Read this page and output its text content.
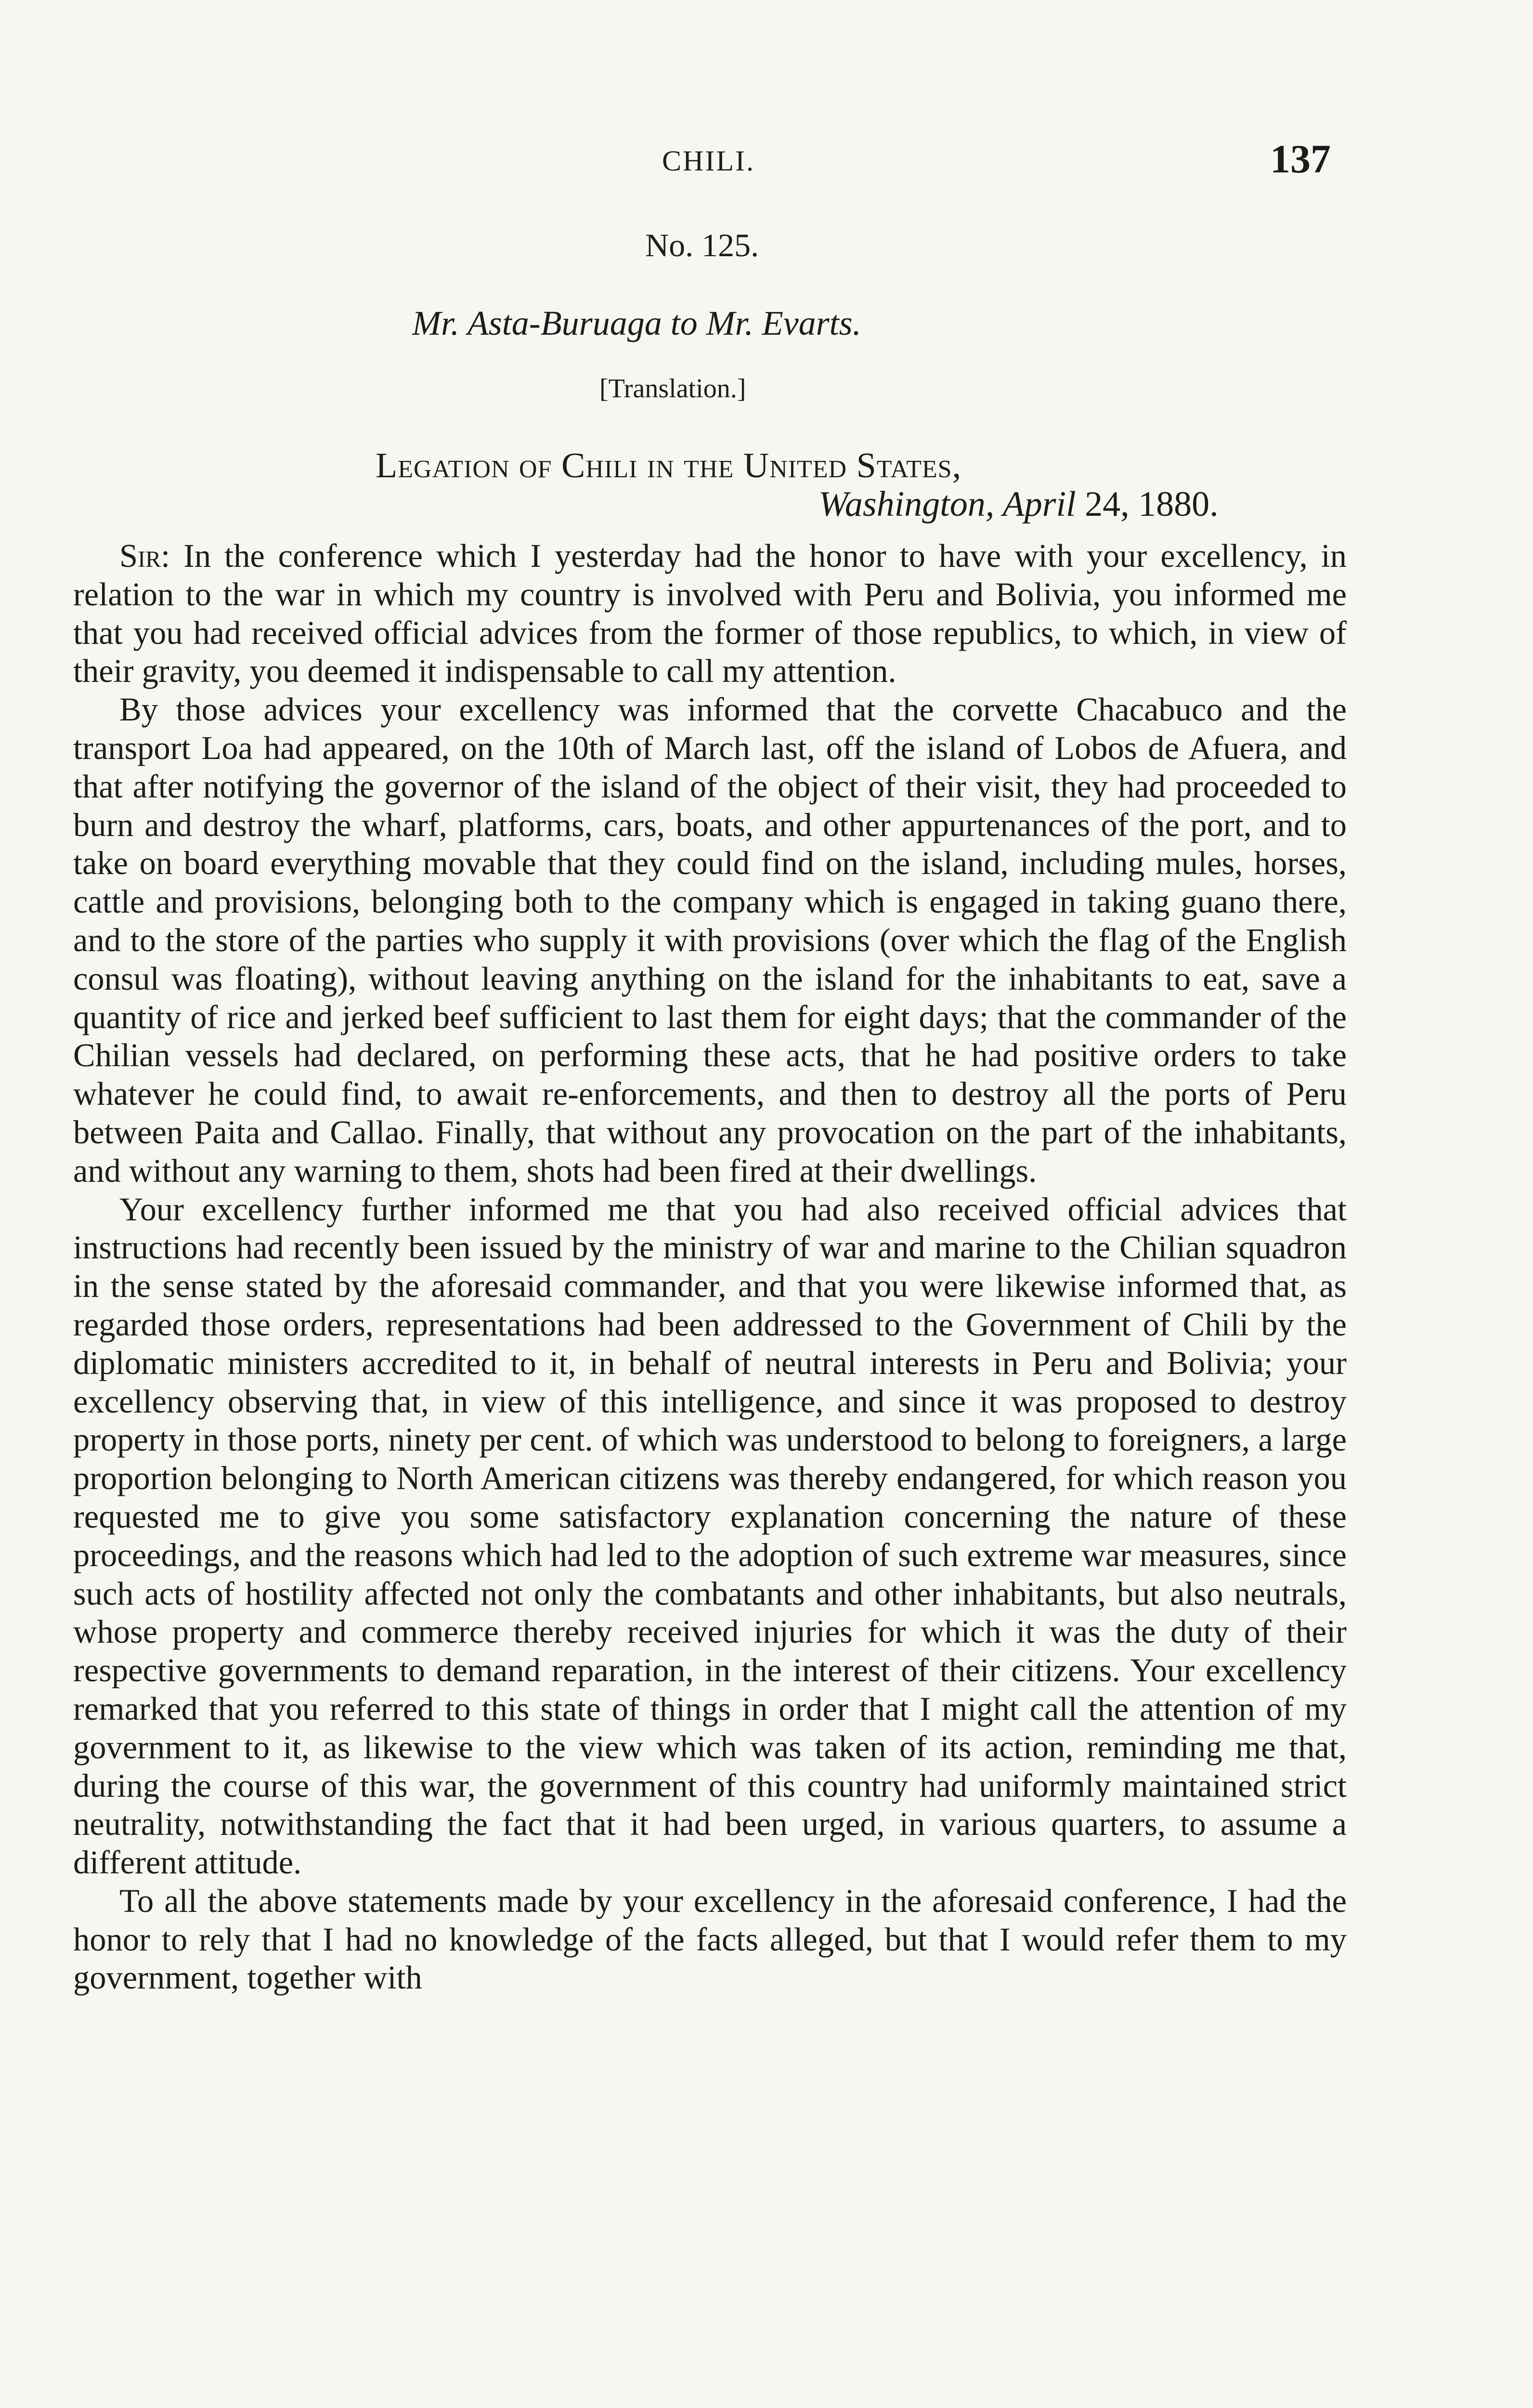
CHILI.	137
No. 125.
Mr. Asta-Buruaga to Mr. Evarts.
[Translation.]
Legation of Chili in the United States,
Washington, April 24, 1880.

Sir: In the conference which I yesterday had the honor to have with your excellency, in relation to the war in which my country is involved with Peru and Bolivia, you informed me that you had received official advices from the former of those republics, to which, in view of their gravity, you deemed it indispensable to call my attention.

By those advices your excellency was informed that the corvette Chacabuco and the transport Loa had appeared, on the 10th of March last, off the island of Lobos de Afuera, and that after notifying the governor of the island of the object of their visit, they had proceeded to burn and destroy the wharf, platforms, cars, boats, and other appurtenances of the port, and to take on board everything movable that they could find on the island, including mules, horses, cattle and provisions, belonging both to the company which is engaged in taking guano there, and to the store of the parties who supply it with provisions (over which the flag of the English consul was floating), without leaving anything on the island for the inhabitants to eat, save a quantity of rice and jerked beef sufficient to last them for eight days; that the commander of the Chilian vessels had declared, on performing these acts, that he had positive orders to take whatever he could find, to await re-enforcements, and then to destroy all the ports of Peru between Paita and Callao. Finally, that without any provocation on the part of the inhabitants, and without any warning to them, shots had been fired at their dwellings.

Your excellency further informed me that you had also received official advices that instructions had recently been issued by the ministry of war and marine to the Chilian squadron in the sense stated by the aforesaid commander, and that you were likewise informed that, as regarded those orders, representations had been addressed to the Government of Chili by the diplomatic ministers accredited to it, in behalf of neutral interests in Peru and Bolivia; your excellency observing that, in view of this intelligence, and since it was proposed to destroy property in those ports, ninety per cent. of which was understood to belong to foreigners, a large proportion belonging to North American citizens was thereby endangered, for which reason you requested me to give you some satisfactory explanation concerning the nature of these proceedings, and the reasons which had led to the adoption of such extreme war measures, since such acts of hostility affected not only the combatants and other inhabitants, but also neutrals, whose property and commerce thereby received injuries for which it was the duty of their respective governments to demand reparation, in the interest of their citizens. Your excellency remarked that you referred to this state of things in order that I might call the attention of my government to it, as likewise to the view which was taken of its action, reminding me that, during the course of this war, the government of this country had uniformly maintained strict neutrality, notwithstanding the fact that it had been urged, in various quarters, to assume a different attitude.

To all the above statements made by your excellency in the aforesaid conference, I had the honor to rely that I had no knowledge of the facts alleged, but that I would refer them to my government, together with
